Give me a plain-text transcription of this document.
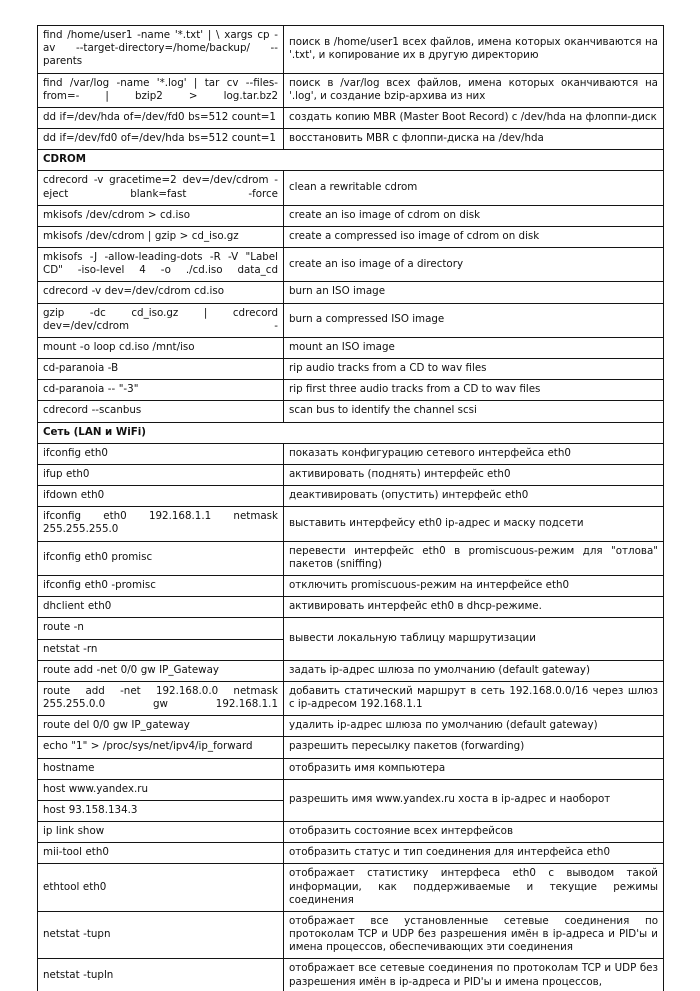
find /home/user1 -name '*.txt' | \ xargs cp -av --target-directory=/home/backup/ --parents	поиск в /home/user1 всех файлов, имена которых оканчиваются на '.txt', и копирование их в другую директорию

find /var/log -name '*.log' | tar cv --files-from=- | bzip2 > log.tar.bz2	поиск в /var/log всех файлов, имена которых оканчиваются на '.log', и создание bzip-архива из них

dd if=/dev/hda of=/dev/fd0 bs=512 count=1	создать копию MBR (Master Boot Record) с /dev/hda на флоппи-диск

dd if=/dev/fd0 of=/dev/hda bs=512 count=1	восстановить MBR с флоппи-диска на /dev/hda
CDROM	

cdrecord -v gracetime=2 dev=/dev/cdrom -eject blank=fast -force	clean a rewritable cdrom

mkisofs /dev/cdrom > cd.iso	create an iso image of cdrom on disk

mkisofs /dev/cdrom | gzip > cd_iso.gz	create a compressed iso image of cdrom on disk

mkisofs -J -allow-leading-dots -R -V "Label CD" -iso-level 4 -o ./cd.iso data_cd	create an iso image of a directory

cdrecord -v dev=/dev/cdrom cd.iso	burn an ISO image

gzip -dc cd_iso.gz | cdrecord dev=/dev/cdrom -	burn a compressed ISO image

mount -o loop cd.iso /mnt/iso	mount an ISO image

cd-paranoia -B	rip audio tracks from a CD to wav files

cd-paranoia -- "-3"	rip first three audio tracks from a CD to wav files

cdrecord --scanbus	scan bus to identify the channel scsi
Сеть (LAN и WiFi)	

ifconfig eth0	показать конфигурацию сетевого интерфейса eth0

ifup eth0	активировать (поднять) интерфейс eth0

ifdown eth0	деактивировать (опустить) интерфейс eth0

ifconfig eth0 192.168.1.1 netmask 255.255.255.0	выставить интерфейсу eth0 ip-адрес и маску подсети

ifconfig eth0 promisc	перевести интерфейс eth0 в promiscuous-режим для "отлова" пакетов (sniffing)

ifconfig eth0 -promisc	отключить promiscuous-режим на интерфейсе eth0

dhclient eth0	активировать интерфейс eth0 в dhcp-режиме.

route -n	вывести локальную таблицу маршрутизации

netstat -rn	

route add -net 0/0 gw IP_Gateway	задать ip-адрес шлюза по умолчанию (default gateway)

route add -net 192.168.0.0 netmask 255.255.0.0 gw 192.168.1.1	добавить статический маршрут в сеть 192.168.0.0/16 через шлюз с ip-адресом 192.168.1.1

route del 0/0 gw IP_gateway	удалить ip-адрес шлюза по умолчанию (default gateway)

echo "1" > /proc/sys/net/ipv4/ip_forward	разрешить пересылку пакетов (forwarding)

hostname	отобразить имя компьютера

host www.yandex.ru	разрешить имя www.yandex.ru хоста в ip-адрес и наоборот

host 93.158.134.3	

ip link show	отобразить состояние всех интерфейсов

mii-tool eth0	отобразить статус и тип соединения для интерфейса eth0

ethtool eth0	отображает статистику интерфеса eth0 с выводом такой информации, как поддерживаемые и текущие режимы соединения

netstat -tupn	отображает все установленные сетевые соединения по протоколам TCP и UDP без разрешения имён в ip-адреса и PID'ы и имена процессов, обеспечивающих эти соединения

netstat -tupln	отображает все сетевые соединения по протоколам TCP и UDP без разрешения имён в ip-адреса и PID'ы и имена процессов,
